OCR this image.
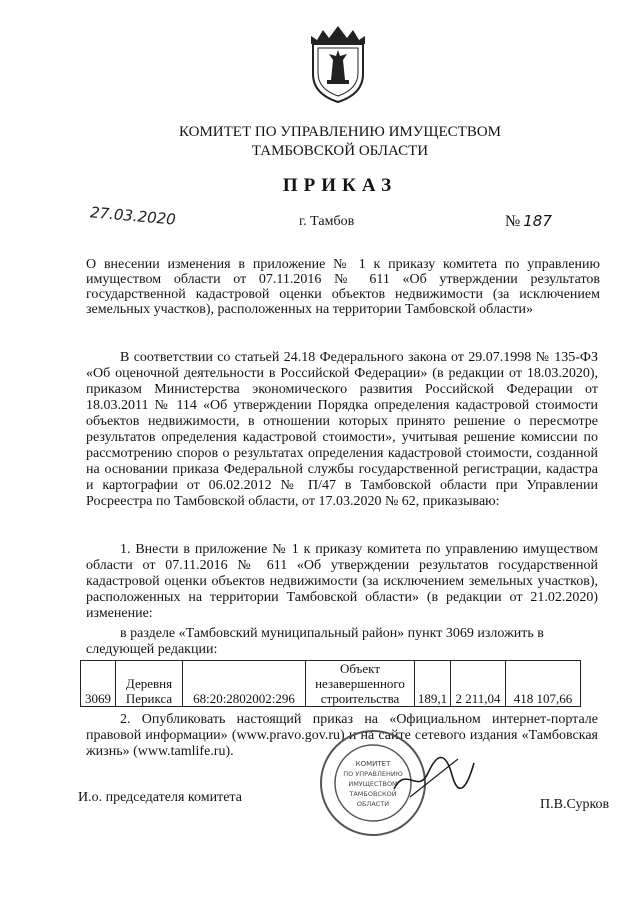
КОМИТЕТ ПО УПРАВЛЕНИЮ ИМУЩЕСТВОМ
ТАМБОВСКОЙ ОБЛАСТИ
ПРИКАЗ
27.03.2020	г. Тамбов	№ 187
О внесении изменения в приложение № 1 к приказу комитета по управлению имуществом области от 07.11.2016 № 611 «Об утверждении результатов государственной кадастровой оценки объектов недвижимости (за исключением земельных участков), расположенных на территории Тамбовской области»
В соответствии со статьей 24.18 Федерального закона от 29.07.1998 № 135-ФЗ «Об оценочной деятельности в Российской Федерации» (в редакции от 18.03.2020), приказом Министерства экономического развития Российской Федерации от 18.03.2011 № 114 «Об утверждении Порядка определения кадастровой стоимости объектов недвижимости, в отношении которых принято решение о пересмотре результатов определения кадастровой стоимости», учитывая решение комиссии по рассмотрению споров о результатах определения кадастровой стоимости, созданной на основании приказа Федеральной службы государственной регистрации, кадастра и картографии от 06.02.2012 № П/47 в Тамбовской области при Управлении Росреестра по Тамбовской области, от 17.03.2020 № 62, приказываю:
1. Внести в приложение № 1 к приказу комитета по управлению имуществом области от 07.11.2016 № 611 «Об утверждении результатов государственной кадастровой оценки объектов недвижимости (за исключением земельных участков), расположенных на территории Тамбовской области» (в редакции от 21.02.2020) изменение:
в разделе «Тамбовский муниципальный район» пункт 3069 изложить в следующей редакции:
3069	Деревня Перикса	68:20:2802002:296	Объект незавершенного строительства	189,1	2 211,04	418 107,66
2. Опубликовать настоящий приказ на «Официальном интернет-портале правовой информации» (www.pravo.gov.ru) и на сайте сетевого издания «Тамбовская жизнь» (www.tamlife.ru).
И.о. председателя комитета	П.В.Сурков
КОМИТЕТ
ПО УПРАВЛЕНИЮ
ИМУЩЕСТВОМ
ТАМБОВСКОЙ
ОБЛАСТИ
